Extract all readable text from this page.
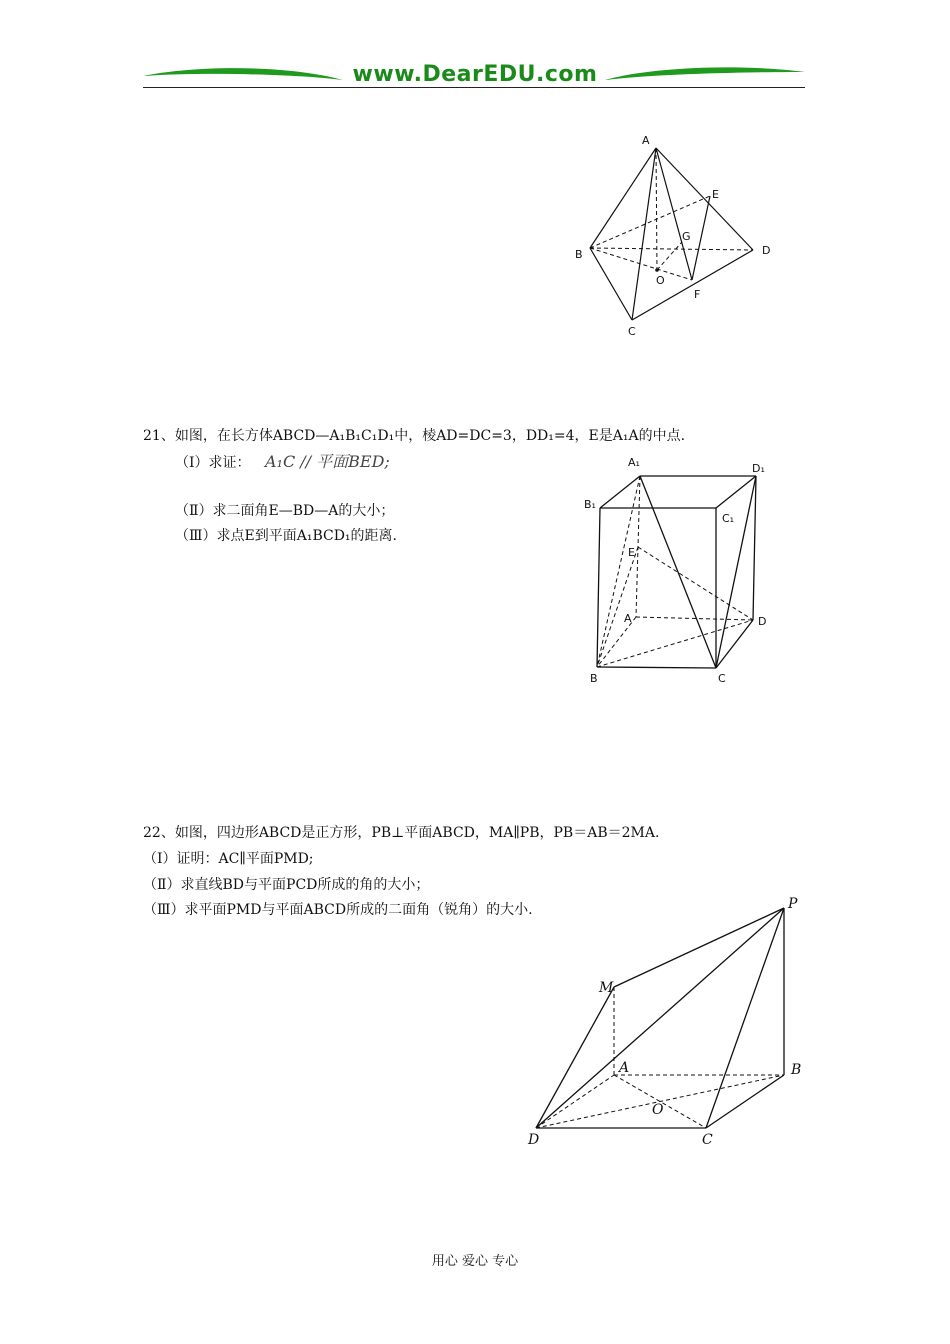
www.DearEDU.com
A
B
C
D
E
F
G
O
21、如图，在长方体ABCD—A₁B₁C₁D₁中，棱AD=DC=3，DD₁=4，E是A₁A的中点.
（Ⅰ）求证： A₁C // 平面BED;
（Ⅱ）求二面角E—BD—A的大小；
（Ⅲ）求点E到平面A₁BCD₁的距离.
A₁	D₁
B₁
C₁
E
A	D
B	C
22、如图，四边形ABCD是正方形，PB⊥平面ABCD，MA∥PB，PB＝AB＝2MA.
（Ⅰ）证明：AC∥平面PMD;
（Ⅱ）求直线BD与平面PCD所成的角的大小；
（Ⅲ）求平面PMD与平面ABCD所成的二面角（锐角）的大小.	P
M
A	B
O
D	C
用心 爱心 专心
